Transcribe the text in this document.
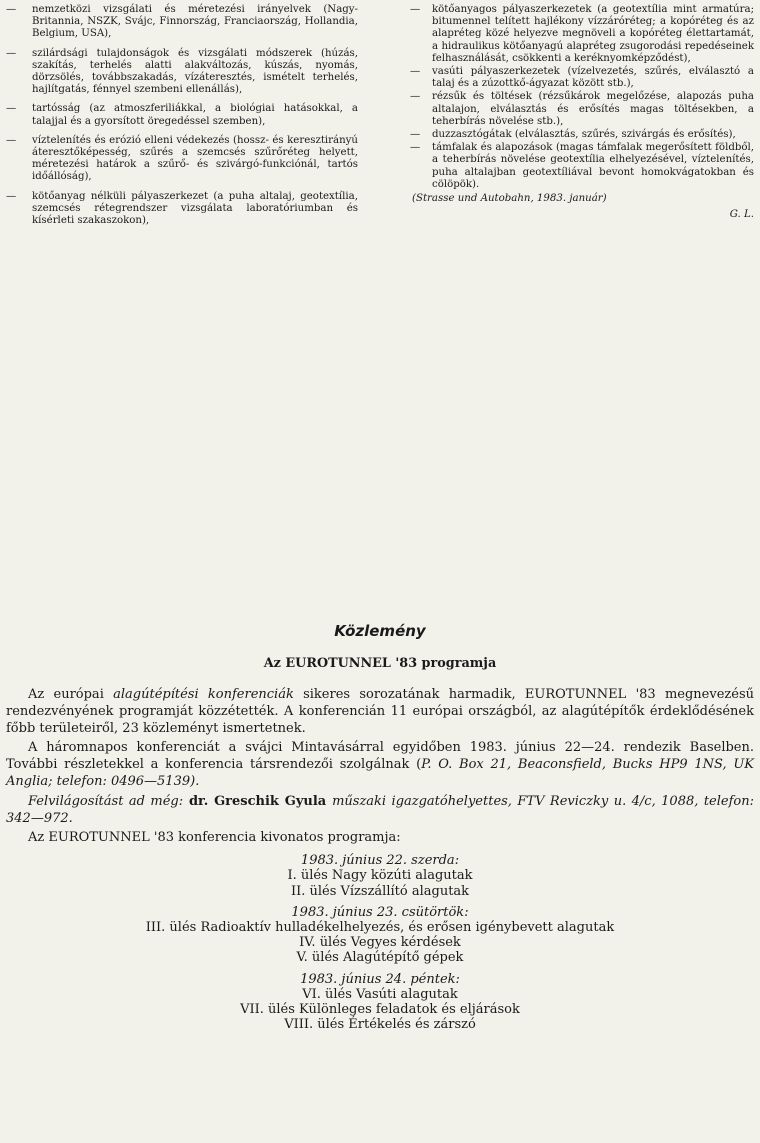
— nemzetközi vizsgálati és méretezési irányelvek (Nagy-Britannia, NSZK, Svájc, Finnország, Franciaország, Hollandia, Belgium, USA),

— szilárdsági tulajdonságok és vizsgálati módszerek (húzás, szakítás, terhelés alatti alakváltozás, kúszás, nyomás, dörzsölés, továbbszakadás, vízáteresztés, ismételt terhelés, hajlítgatás, fénnyel szembeni ellenállás),

— tartósság (az atmoszferiliákkal, a biológiai hatásokkal, a talajjal és a gyorsított öregedéssel szemben),

— víztelenítés és erózió elleni védekezés (hossz- és keresztirányú áteresztőképesség, szűrés a szemcsés szűrőréteg helyett, méretezési határok a szűrő- és szivárgó-funkciónál, tartós időállóság),

— kötőanyag nélküli pályaszerkezet (a puha altalaj, geotextília, szemcsés rétegrendszer vizsgálata laboratóriumban és kísérleti szakaszokon),

— kötőanyagos pályaszerkezetek (a geotextília mint armatúra; bitumennel telített hajlékony vízzáróréteg; a kopóréteg és az alapréteg közé helyezve megnöveli a kopóréteg élettartamát, a hidraulikus kötőanyagú alapréteg zsugorodási repedéseinek felhasználását, csökkenti a keréknyomképződést),

— vasúti pályaszerkezetek (vízelvezetés, szűrés, elválasztó a talaj és a zúzottkő-ágyazat között stb.),

— rézsűk és töltések (rézsűkárok megelőzése, alapozás puha altalajon, elválasztás és erősítés magas töltésekben, a teherbírás növelése stb.),

— duzzasztógátak (elválasztás, szűrés, szivárgás és erősítés),

— támfalak és alapozások (magas támfalak megerősített földből, a teherbírás növelése geotextília elhelyezésével, víztelenítés, puha altalajban geotextíliával bevont homokvágatokban és cölöpök).

(Strasse und Autobahn, 1983. január)

G. L.

Közlemény
Az EUROTUNNEL '83 programja

Az európai alagútépítési konferenciák sikeres sorozatának harmadik, EUROTUNNEL '83 megnevezésű rendezvényének programját közzétették. A konferencián 11 európai országból, az alagútépítők érdeklődésének főbb területeiről, 23 közleményt ismertetnek.

A háromnapos konferenciát a svájci Mintavásárral egyidőben 1983. június 22—24. rendezik Baselben. További részletekkel a konferencia társrendezői szolgálnak (P. O. Box 21, Beaconsfield, Bucks HP9 1NS, UK Anglia; telefon: 0496—5139).

Felvilágosítást ad még: dr. Greschik Gyula műszaki igazgatóhelyettes, FTV Reviczky u. 4/c, 1088, telefon: 342—972.

Az EUROTUNNEL '83 konferencia kivonatos programja:

1983. június 22. szerda:
I. ülés Nagy közúti alagutak
II. ülés Vízszállító alagutak
1983. június 23. csütörtök:
III. ülés Radioaktív hulladékelhelyezés, és erősen igénybevett alagutak
IV. ülés Vegyes kérdések
V. ülés Alagútépítő gépek
1983. június 24. péntek:
VI. ülés Vasúti alagutak
VII. ülés Különleges feladatok és eljárások
VIII. ülés Értékelés és zárszó
